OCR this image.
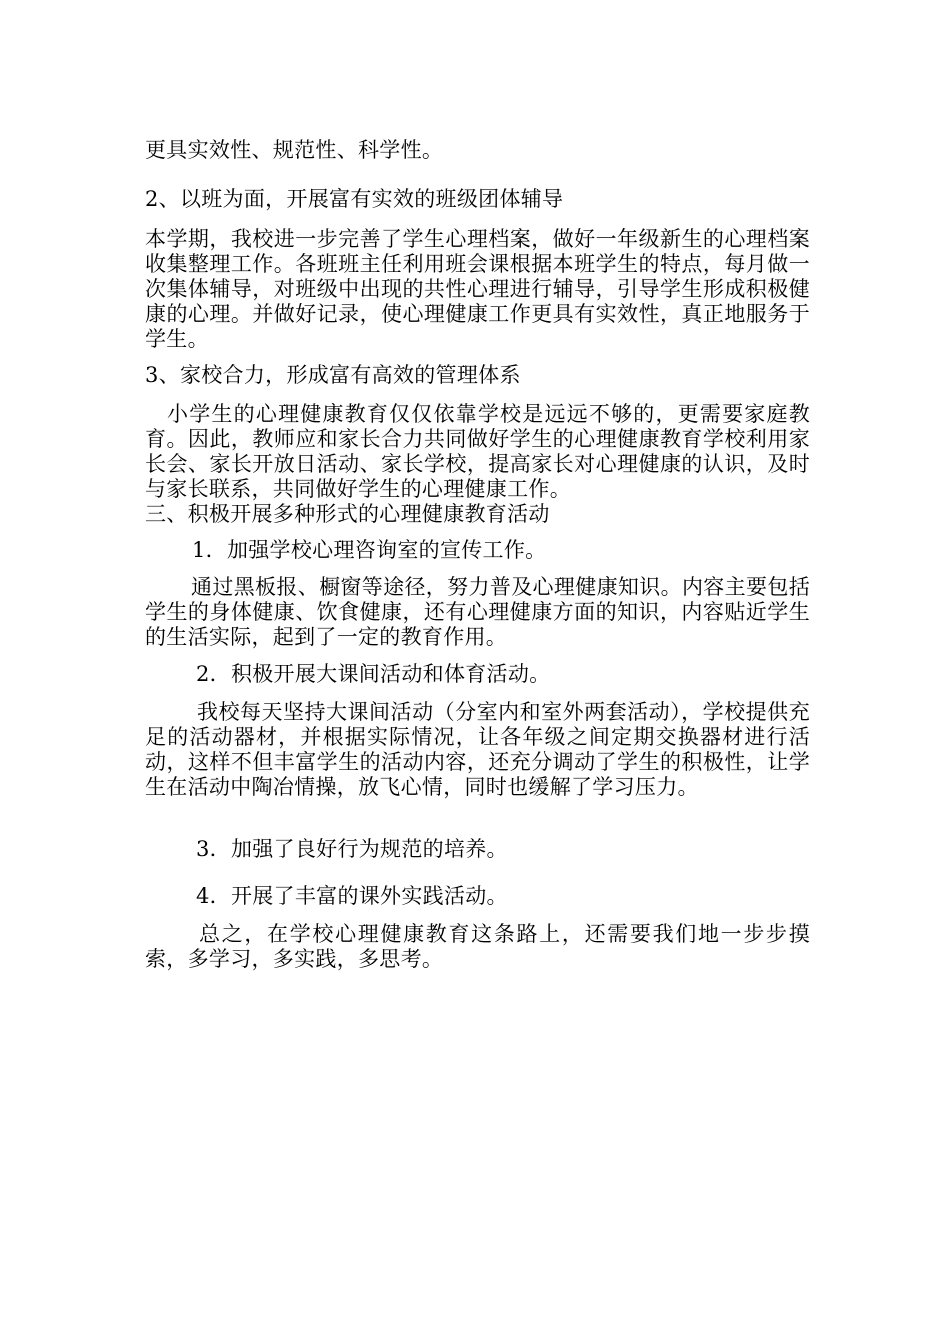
更具实效性、规范性、科学性。

2、以班为面，开展富有实效的班级团体辅导

本学期，我校进一步完善了学生心理档案，做好一年级新生的心理档案收集整理工作。各班班主任利用班会课根据本班学生的特点，每月做一次集体辅导，对班级中出现的共性心理进行辅导，引导学生形成积极健康的心理。并做好记录，使心理健康工作更具有实效性，真正地服务于学生。

3、家校合力，形成富有高效的管理体系

小学生的心理健康教育仅仅依靠学校是远远不够的，更需要家庭教育。因此，教师应和家长合力共同做好学生的心理健康教育学校利用家长会、家长开放日活动、家长学校，提高家长对心理健康的认识，及时与家长联系，共同做好学生的心理健康工作。

三、积极开展多种形式的心理健康教育活动

1．加强学校心理咨询室的宣传工作。

通过黑板报、橱窗等途径，努力普及心理健康知识。内容主要包括学生的身体健康、饮食健康，还有心理健康方面的知识，内容贴近学生的生活实际，起到了一定的教育作用。

2．积极开展大课间活动和体育活动。

我校每天坚持大课间活动（分室内和室外两套活动），学校提供充足的活动器材，并根据实际情况，让各年级之间定期交换器材进行活动，这样不但丰富学生的活动内容，还充分调动了学生的积极性，让学生在活动中陶冶情操，放飞心情，同时也缓解了学习压力。

3．加强了良好行为规范的培养。

4．开展了丰富的课外实践活动。

总之，在学校心理健康教育这条路上，还需要我们地一步步摸索，多学习，多实践，多思考。
